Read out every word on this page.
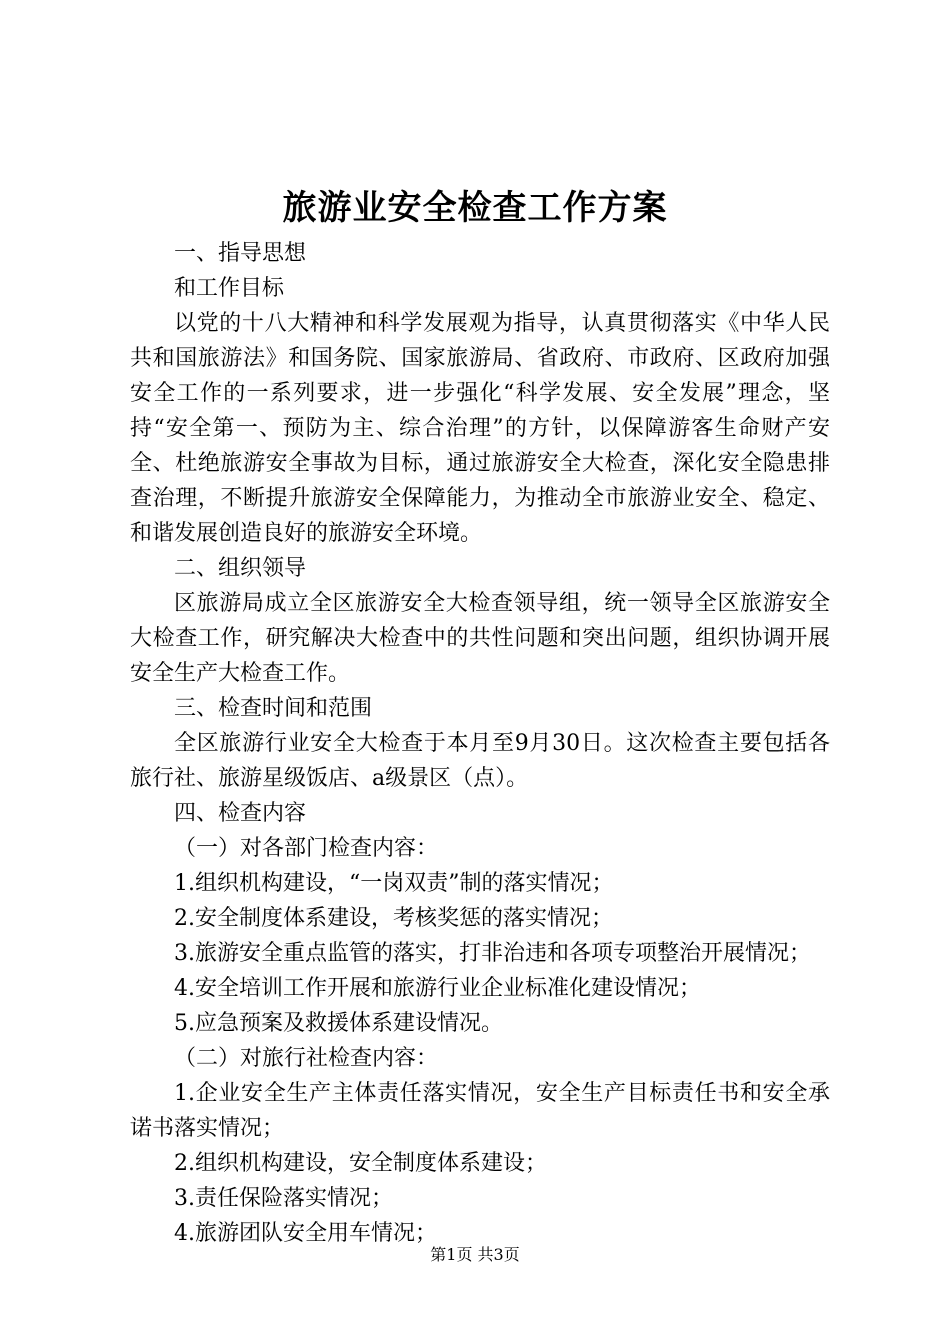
旅游业安全检查工作方案

一、指导思想

和工作目标

以党的十八大精神和科学发展观为指导，认真贯彻落实《中华人民共和国旅游法》和国务院、国家旅游局、省政府、市政府、区政府加强安全工作的一系列要求，进一步强化“科学发展、安全发展”理念，坚持“安全第一、预防为主、综合治理”的方针，以保障游客生命财产安全、杜绝旅游安全事故为目标，通过旅游安全大检查，深化安全隐患排查治理，不断提升旅游安全保障能力，为推动全市旅游业安全、稳定、和谐发展创造良好的旅游安全环境。

二、组织领导

区旅游局成立全区旅游安全大检查领导组，统一领导全区旅游安全大检查工作，研究解决大检查中的共性问题和突出问题，组织协调开展安全生产大检查工作。

三、检查时间和范围

全区旅游行业安全大检查于本月至9月30日。这次检查主要包括各旅行社、旅游星级饭店、a级景区（点）。

四、检查内容

（一）对各部门检查内容：

1.组织机构建设，“一岗双责”制的落实情况；

2.安全制度体系建设，考核奖惩的落实情况；

3.旅游安全重点监管的落实，打非治违和各项专项整治开展情况；

4.安全培训工作开展和旅游行业企业标准化建设情况；

5.应急预案及救援体系建设情况。

（二）对旅行社检查内容：

1.企业安全生产主体责任落实情况，安全生产目标责任书和安全承诺书落实情况；

2.组织机构建设，安全制度体系建设；

3.责任保险落实情况；

4.旅游团队安全用车情况；

第1页 共3页
